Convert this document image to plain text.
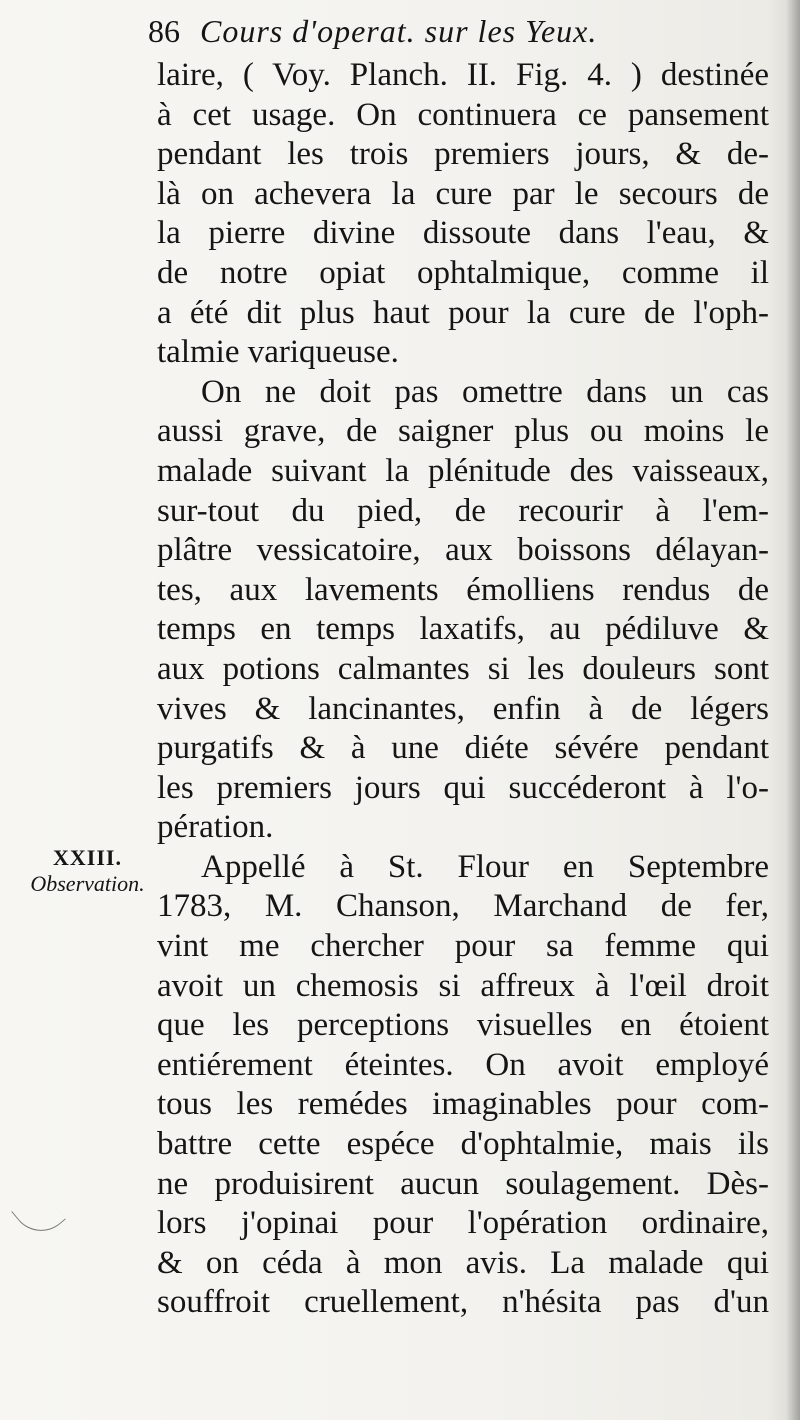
86 Cours d'operat. sur les Yeux.
XXIII.
Observation.
laire, ( Voy. Planch. II. Fig. 4. ) destinée
à cet usage. On continuera ce pansement
pendant les trois premiers jours, & de-
là on achevera la cure par le secours de
la pierre divine dissoute dans l'eau, &
de notre opiat ophtalmique, comme il
a été dit plus haut pour la cure de l'oph-
talmie variqueuse.
On ne doit pas omettre dans un cas
aussi grave, de saigner plus ou moins le
malade suivant la plénitude des vaisseaux,
sur-tout du pied, de recourir à l'em-
plâtre vessicatoire, aux boissons délayan-
tes, aux lavements émolliens rendus de
temps en temps laxatifs, au pédiluve &
aux potions calmantes si les douleurs sont
vives & lancinantes, enfin à de légers
purgatifs & à une diéte sévére pendant
les premiers jours qui succéderont à l'o-
pération.
Appellé à St. Flour en Septembre
1783, M. Chanson, Marchand de fer,
vint me chercher pour sa femme qui
avoit un chemosis si affreux à l'œil droit
que les perceptions visuelles en étoient
entiérement éteintes. On avoit employé
tous les remédes imaginables pour com-
battre cette espéce d'ophtalmie, mais ils
ne produisirent aucun soulagement. Dès-
lors j'opinai pour l'opération ordinaire,
& on céda à mon avis. La malade qui
souffroit cruellement, n'hésita pas d'un
